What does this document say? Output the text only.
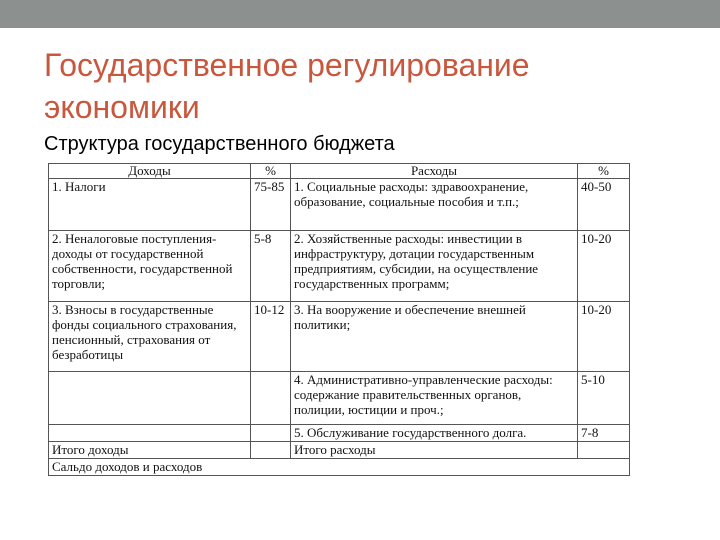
Государственное регулирование экономики
Структура государственного бюджета
Доходы	%	Расходы	%
1. Налоги	75-85	1. Социальные расходы: здравоохранение, образование, социальные пособия и т.п.;	40-50
2. Неналоговые поступления-доходы от государственной собственности, государственной торговли;	5-8	2. Хозяйственные расходы: инвестиции в инфраструктуру, дотации государственным предприятиям, субсидии, на осуществление государственных программ;	10-20
3. Взносы в государственные фонды социального страхования, пенсионный, страхования от безработицы	10-12	3. На вооружение и обеспечение внешней политики;	10-20
		4. Административно-управленческие расходы: содержание правительственных органов, полиции, юстиции и проч.;	5-10
		5. Обслуживание государственного долга.	7-8
Итого доходы		Итого расходы	
Сальдо доходов и расходов			
